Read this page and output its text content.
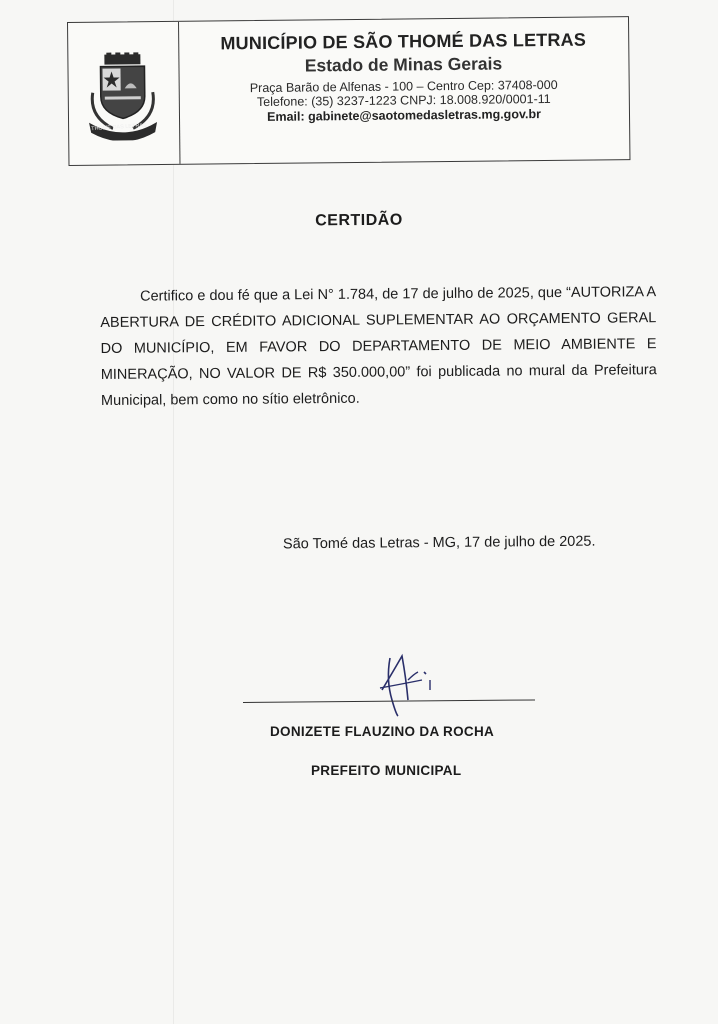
THOMÉ DAS LETRAS
MUNICÍPIO DE SÃO THOMÉ DAS LETRAS
Estado de Minas Gerais
Praça Barão de Alfenas - 100 – Centro Cep: 37408-000
Telefone: (35) 3237-1223 CNPJ: 18.008.920/0001-11
Email: gabinete@saotomedasletras.mg.gov.br
CERTIDÃO
Certifico e dou fé que a Lei N° 1.784, de 17 de julho de 2025, que “AUTORIZA A ABERTURA DE CRÉDITO ADICIONAL SUPLEMENTAR AO ORÇAMENTO GERAL DO MUNICÍPIO, EM FAVOR DO DEPARTAMENTO DE MEIO AMBIENTE E MINERAÇÃO, NO VALOR DE R$ 350.000,00” foi publicada no mural da Prefeitura Municipal, bem como no sítio eletrônico.
São Tomé das Letras - MG, 17 de julho de 2025.
DONIZETE FLAUZINO DA ROCHA
PREFEITO MUNICIPAL
